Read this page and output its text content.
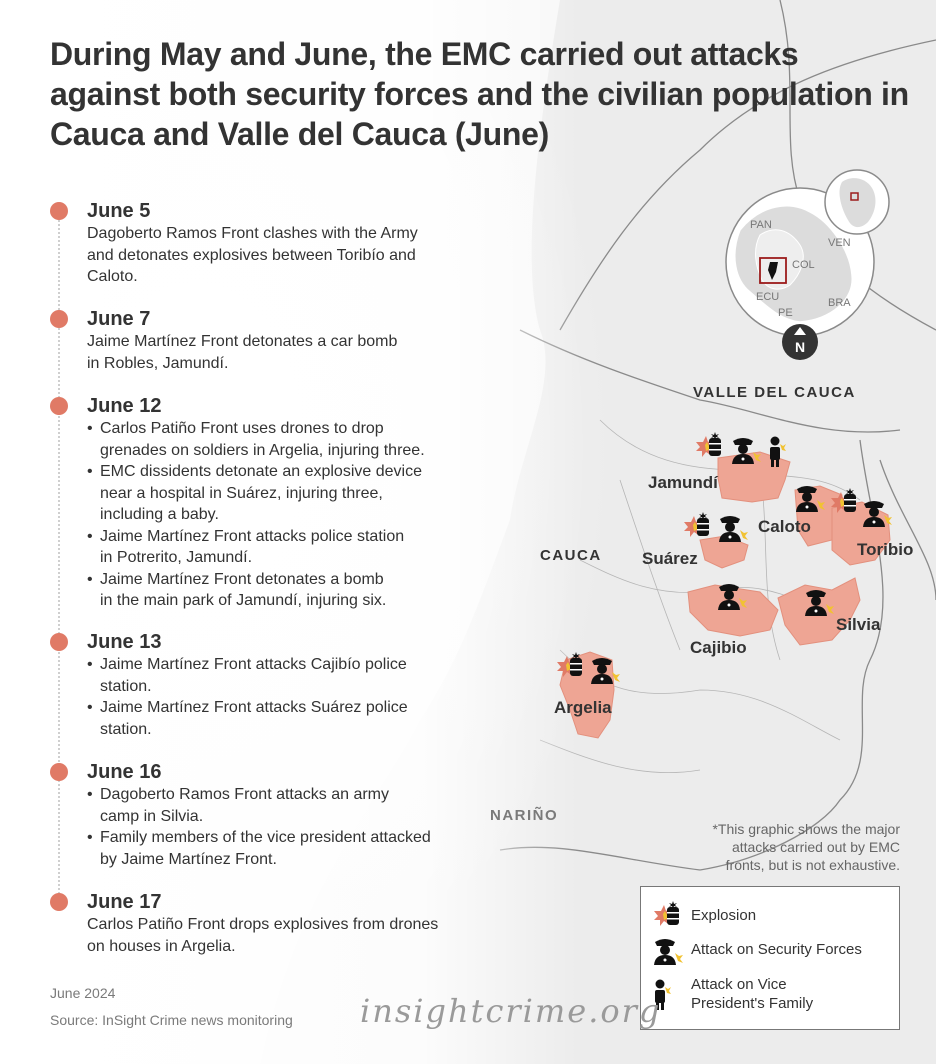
PAN
VEN
COL
ECU
PE
BRA
N
During May and June, the EMC carried out attacks against both security forces and the civilian population in Cauca and Valle del Cauca (June)
June 5
Dagoberto Ramos Front clashes with the Army
and detonates explosives between Toribío and
Caloto.
June 7
Jaime Martínez Front detonates a car bomb
in Robles, Jamundí.
June 12
• Carlos Patiño Front uses drones to drop
grenades on soldiers in Argelia, injuring three.
• EMC dissidents detonate an explosive device
near a hospital in Suárez, injuring three,
including a baby.
• Jaime Martínez Front attacks police station
in Potrerito, Jamundí.
• Jaime Martínez Front detonates a bomb
in the main park of Jamundí, injuring six.
June 13
• Jaime Martínez Front attacks Cajibío police
station.
• Jaime Martínez Front attacks Suárez police
station.
June 16
• Dagoberto Ramos Front attacks an army
camp in Silvia.
• Family members of the vice president attacked
by Jaime Martínez Front.
June 17
Carlos Patiño Front drops explosives from drones
on houses in Argelia.
VALLE DEL CAUCA
CAUCA
NARIÑO
Jamundí
Caloto
Toribio
Suárez
Cajibio
Silvia
Argelia
*This graphic shows the major
attacks carried out by EMC
fronts, but is not exhaustive.
Explosion
Attack on Security Forces
Attack on Vice
President's Family
June 2024
Source: InSight Crime news monitoring insightcrime.org
